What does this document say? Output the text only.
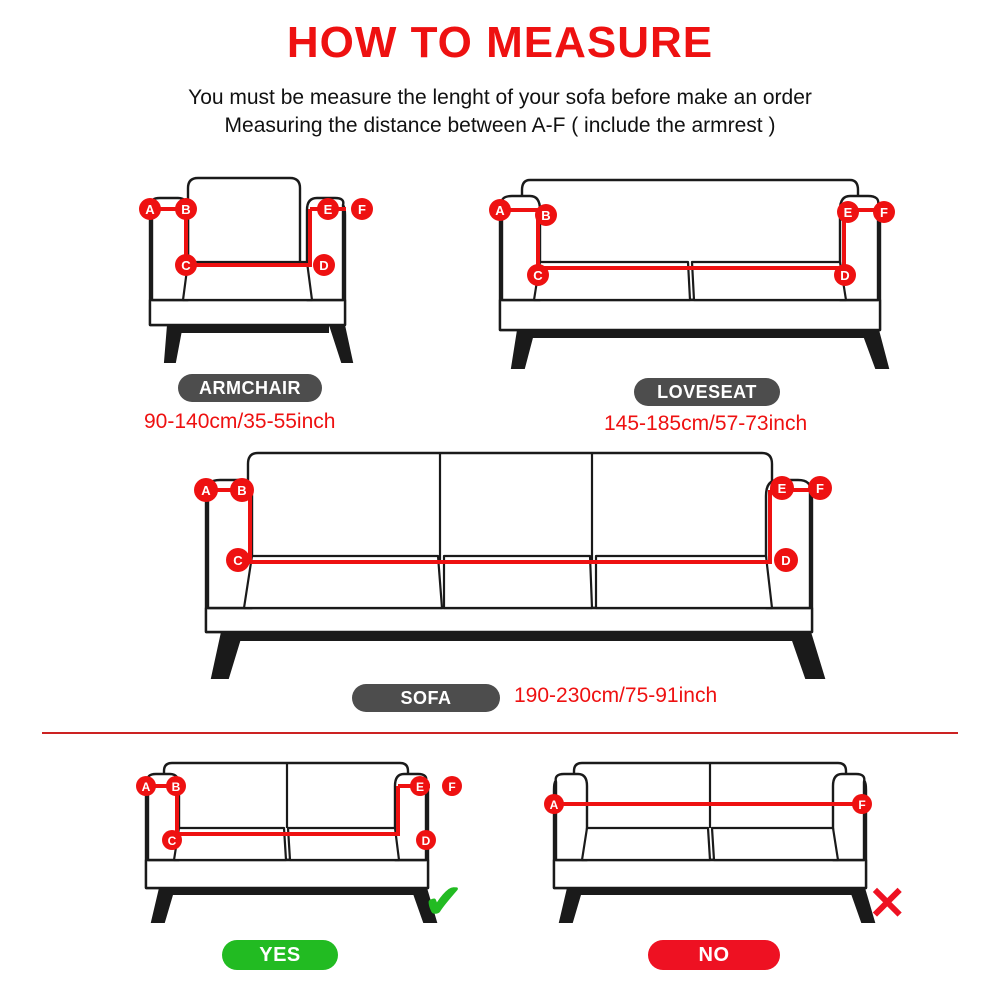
HOW TO MEASURE
You must be measure the lenght of your sofa before make an order
Measuring the distance between A-F ( include the armrest )
A B
C	D
E F	A	B
C	D
E F
A B
C	D
E F
A B
C	D
E F
A	F
ARMCHAIR
90-140cm/35-55inch
LOVESEAT
145-185cm/57-73inch
SOFA	190-230cm/75-91inch
YES
✔
NO
✕
